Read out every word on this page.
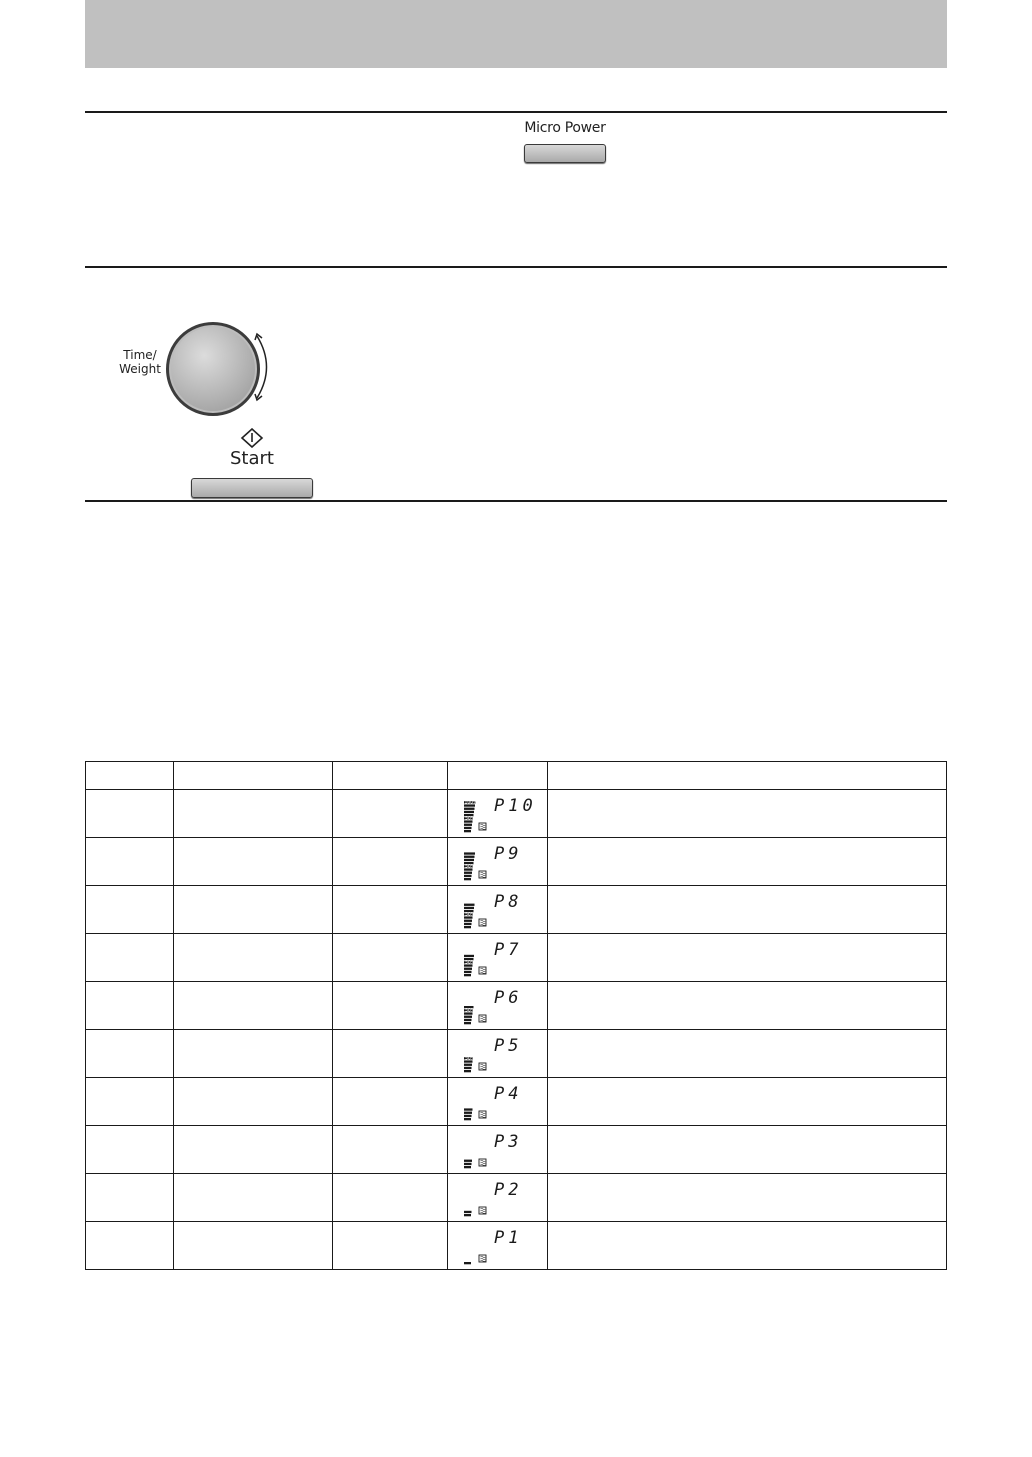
Micro Power
Time/
Weight
Start

50%
100% P10	

50%
P9	

50%
P8	

50%
P7	

50%
P6	

50%
P5	

P4	

P3	

P2	

P1	
